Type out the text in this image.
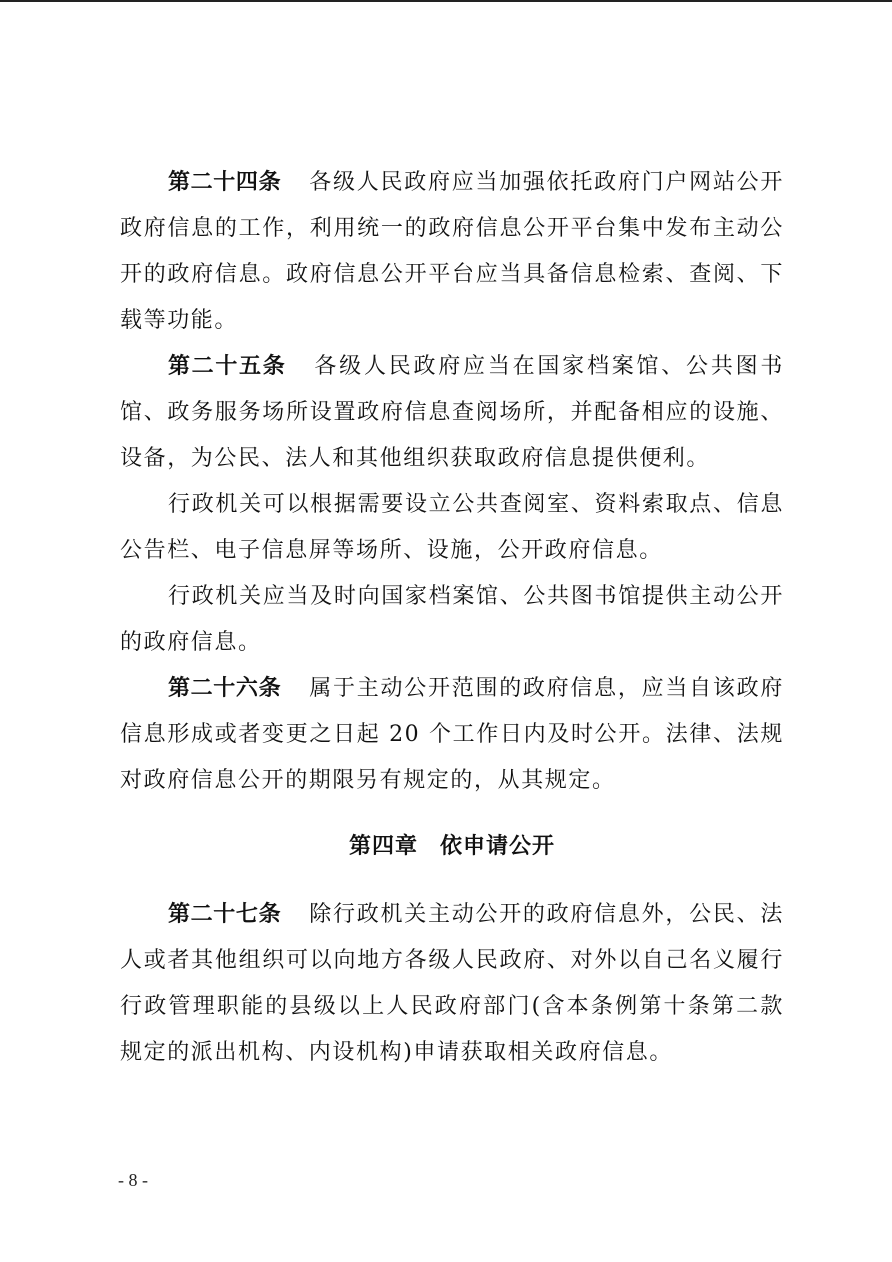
第二十四条 各级人民政府应当加强依托政府门户网站公开政府信息的工作，利用统一的政府信息公开平台集中发布主动公开的政府信息。政府信息公开平台应当具备信息检索、查阅、下载等功能。

第二十五条 各级人民政府应当在国家档案馆、公共图书馆、政务服务场所设置政府信息查阅场所，并配备相应的设施、设备，为公民、法人和其他组织获取政府信息提供便利。

行政机关可以根据需要设立公共查阅室、资料索取点、信息公告栏、电子信息屏等场所、设施，公开政府信息。

行政机关应当及时向国家档案馆、公共图书馆提供主动公开的政府信息。

第二十六条 属于主动公开范围的政府信息，应当自该政府信息形成或者变更之日起 20 个工作日内及时公开。法律、法规对政府信息公开的期限另有规定的，从其规定。

第四章 依申请公开

第二十七条 除行政机关主动公开的政府信息外，公民、法人或者其他组织可以向地方各级人民政府、对外以自己名义履行行政管理职能的县级以上人民政府部门(含本条例第十条第二款规定的派出机构、内设机构)申请获取相关政府信息。

- 8 -
